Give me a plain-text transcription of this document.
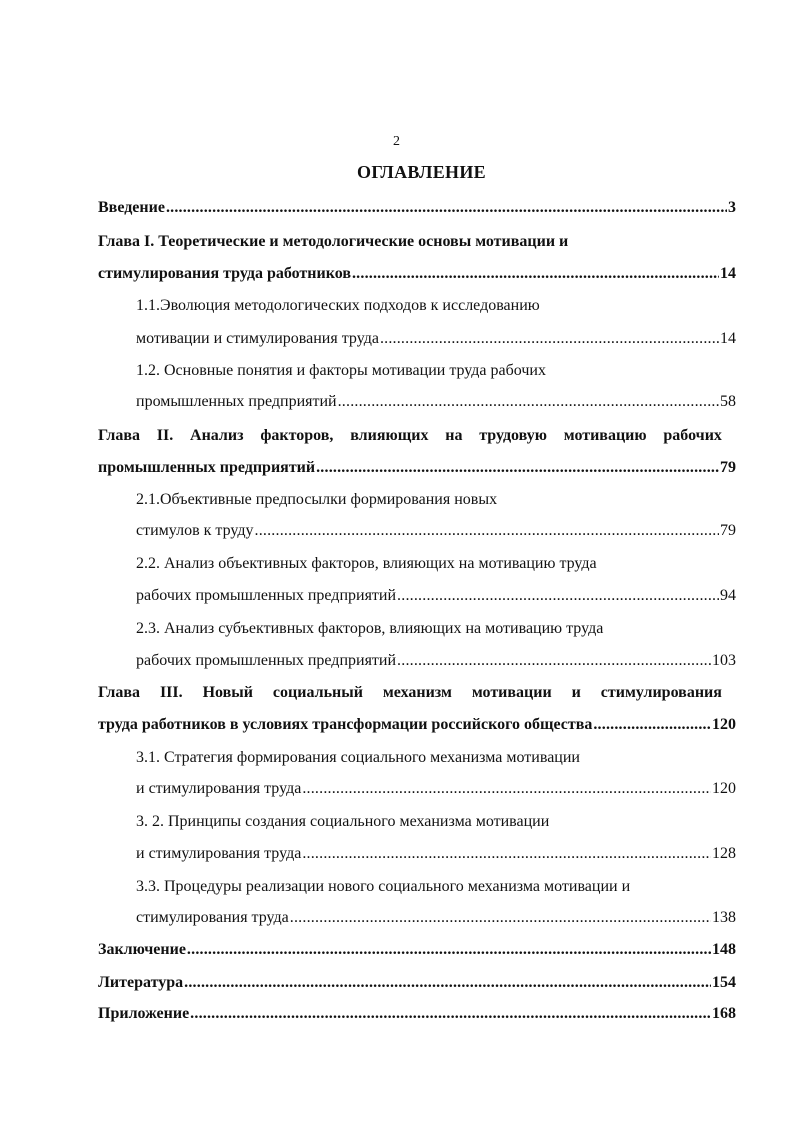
2
ОГЛАВЛЕНИЕ
Введение .....	3
Глава I. Теоретические и методологические основы мотивации и
стимулирования труда работников .....	14
1.1.Эволюция методологических подходов к исследованию
мотивации и стимулирования труда .....	14
1.2. Основные понятия и факторы мотивации труда рабочих
промышленных предприятий .....	58
Глава II. Анализ факторов, влияющих на трудовую мотивацию рабочих
промышленных предприятий .....	79
2.1.Объективные предпосылки формирования новых
стимулов к труду .....	79
2.2. Анализ объективных факторов, влияющих на мотивацию труда
рабочих промышленных предприятий .....	94
2.3. Анализ субъективных факторов, влияющих на мотивацию труда
рабочих промышленных предприятий .....	103
Глава III. Новый социальный механизм мотивации и стимулирования
труда работников в условиях трансформации российского общества .....	120
3.1. Стратегия формирования социального механизма мотивации
и стимулирования труда .....	120
3. 2. Принципы создания социального механизма мотивации
и стимулирования труда .....	128
3.3. Процедуры реализации нового социального механизма мотивации и
стимулирования труда .....	138
Заключение .....	148
Литература .....	154
Приложение .....	168
